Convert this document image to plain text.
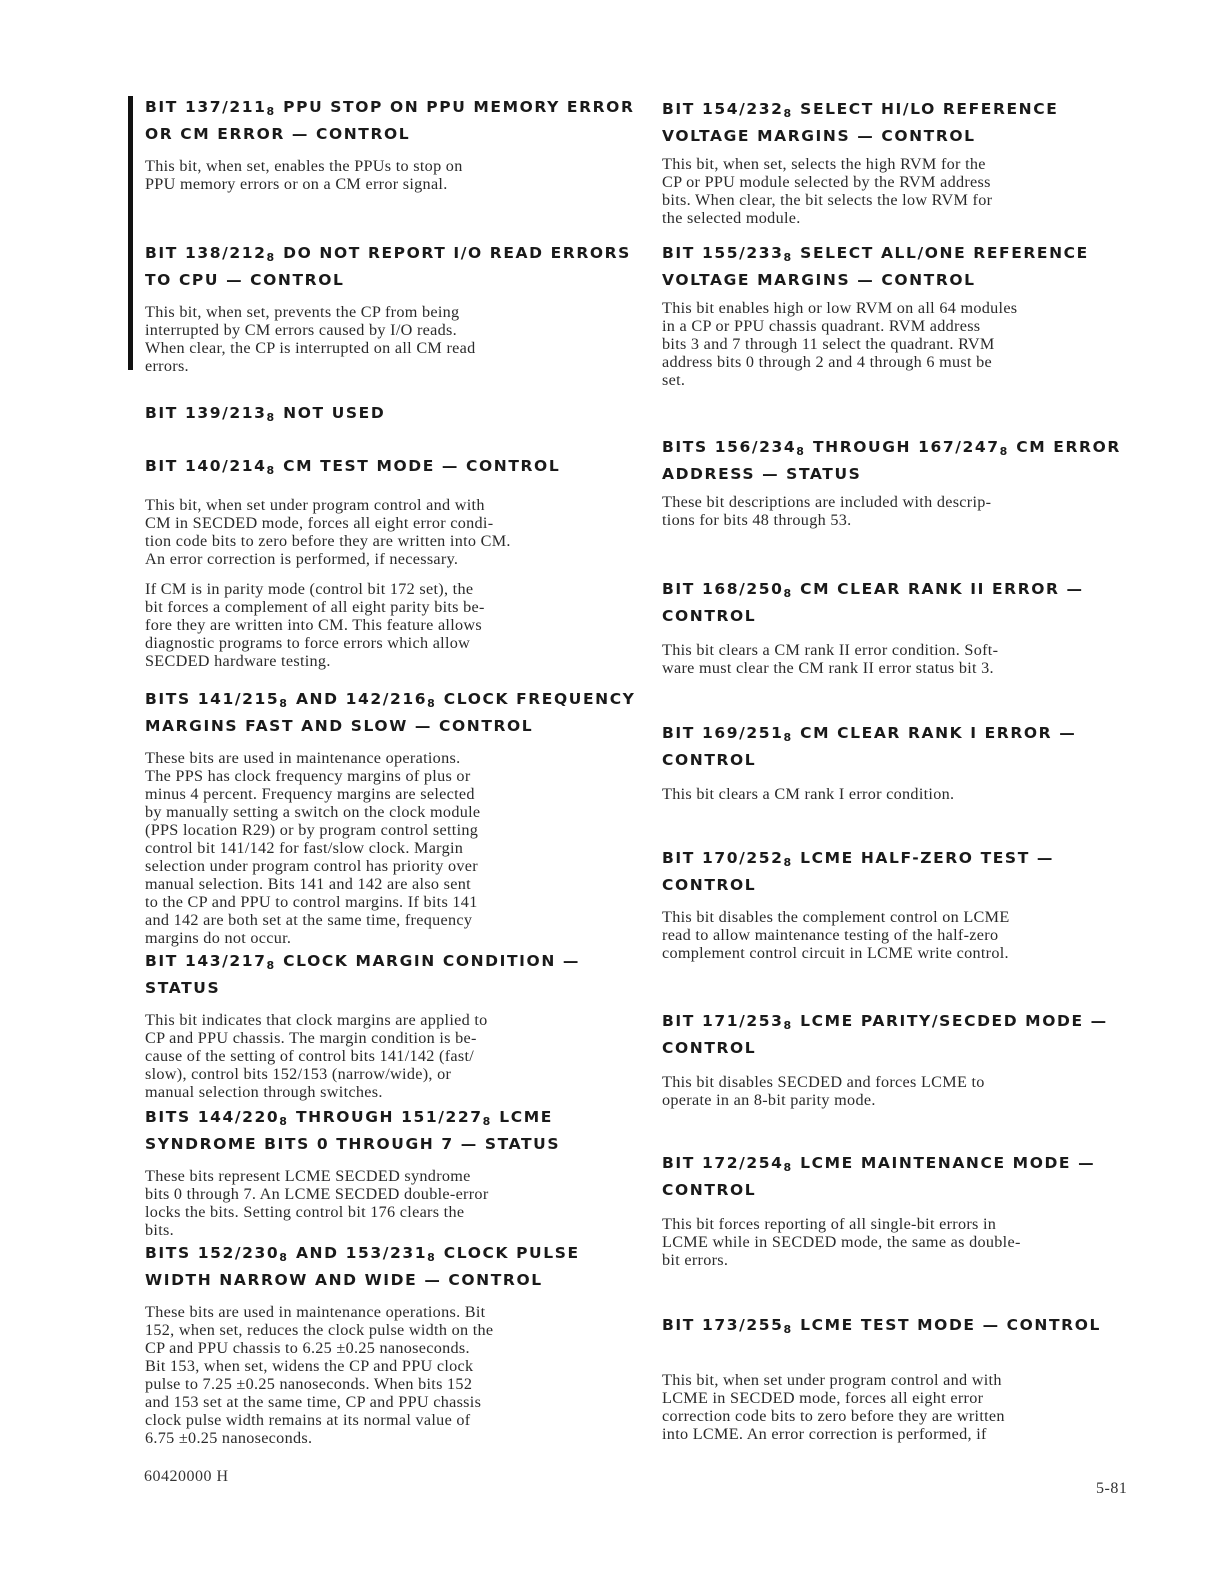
BIT $137/211_8$ PPU STOP ON PPU MEMORY ERROR
OR CM ERROR — CONTROL
This bit, when set, enables the PPUs to stop on
PPU memory errors or on a CM error signal.
BIT $138/212_8$ DO NOT REPORT I/O READ ERRORS
TO CPU — CONTROL
This bit, when set, prevents the CP from being
interrupted by CM errors caused by I/O reads.
When clear, the CP is interrupted on all CM read
errors.
BIT $139/213_8$ NOT USED
BIT $140/214_8$ CM TEST MODE — CONTROL
This bit, when set under program control and with
CM in SECDED mode, forces all eight error condi-
tion code bits to zero before they are written into CM.
An error correction is performed, if necessary.
If CM is in parity mode (control bit 172 set), the
bit forces a complement of all eight parity bits be-
fore they are written into CM. This feature allows
diagnostic programs to force errors which allow
SECDED hardware testing.
BITS $141/215_8$ AND $142/216_8$ CLOCK FREQUENCY
MARGINS FAST AND SLOW — CONTROL
These bits are used in maintenance operations.
The PPS has clock frequency margins of plus or
minus 4 percent. Frequency margins are selected
by manually setting a switch on the clock module
(PPS location R29) or by program control setting
control bit 141/142 for fast/slow clock. Margin
selection under program control has priority over
manual selection. Bits 141 and 142 are also sent
to the CP and PPU to control margins. If bits 141
and 142 are both set at the same time, frequency
margins do not occur.
BIT $143/217_8$ CLOCK MARGIN CONDITION —
STATUS
This bit indicates that clock margins are applied to
CP and PPU chassis. The margin condition is be-
cause of the setting of control bits 141/142 (fast/
slow), control bits 152/153 (narrow/wide), or
manual selection through switches.
BITS $144/220_8$ THROUGH $151/227_8$ LCME
SYNDROME BITS 0 THROUGH 7 — STATUS
These bits represent LCME SECDED syndrome
bits 0 through 7. An LCME SECDED double-error
locks the bits. Setting control bit 176 clears the
bits.
BITS $152/230_8$ AND $153/231_8$ CLOCK PULSE
WIDTH NARROW AND WIDE — CONTROL
These bits are used in maintenance operations. Bit
152, when set, reduces the clock pulse width on the
CP and PPU chassis to 6.25 ±0.25 nanoseconds.
Bit 153, when set, widens the CP and PPU clock
pulse to 7.25 ±0.25 nanoseconds. When bits 152
and 153 set at the same time, CP and PPU chassis
clock pulse width remains at its normal value of
6.75 ±0.25 nanoseconds.
BIT $154/232_8$ SELECT HI/LO REFERENCE
VOLTAGE MARGINS — CONTROL
This bit, when set, selects the high RVM for the
CP or PPU module selected by the RVM address
bits. When clear, the bit selects the low RVM for
the selected module.
BIT $155/233_8$ SELECT ALL/ONE REFERENCE
VOLTAGE MARGINS — CONTROL
This bit enables high or low RVM on all 64 modules
in a CP or PPU chassis quadrant. RVM address
bits 3 and 7 through 11 select the quadrant. RVM
address bits 0 through 2 and 4 through 6 must be
set.
BITS $156/234_8$ THROUGH $167/247_8$ CM ERROR
ADDRESS — STATUS
These bit descriptions are included with descrip-
tions for bits 48 through 53.
BIT $168/250_8$ CM CLEAR RANK II ERROR —
CONTROL
This bit clears a CM rank II error condition. Soft-
ware must clear the CM rank II error status bit 3.
BIT $169/251_8$ CM CLEAR RANK I ERROR —
CONTROL
This bit clears a CM rank I error condition.
BIT $170/252_8$ LCME HALF-ZERO TEST —
CONTROL
This bit disables the complement control on LCME
read to allow maintenance testing of the half-zero
complement control circuit in LCME write control.
BIT $171/253_8$ LCME PARITY/SECDED MODE —
CONTROL
This bit disables SECDED and forces LCME to
operate in an 8-bit parity mode.
BIT $172/254_8$ LCME MAINTENANCE MODE —
CONTROL
This bit forces reporting of all single-bit errors in
LCME while in SECDED mode, the same as double-
bit errors.
BIT $173/255_8$ LCME TEST MODE — CONTROL
This bit, when set under program control and with
LCME in SECDED mode, forces all eight error
correction code bits to zero before they are written
into LCME. An error correction is performed, if
60420000 H
5-81
